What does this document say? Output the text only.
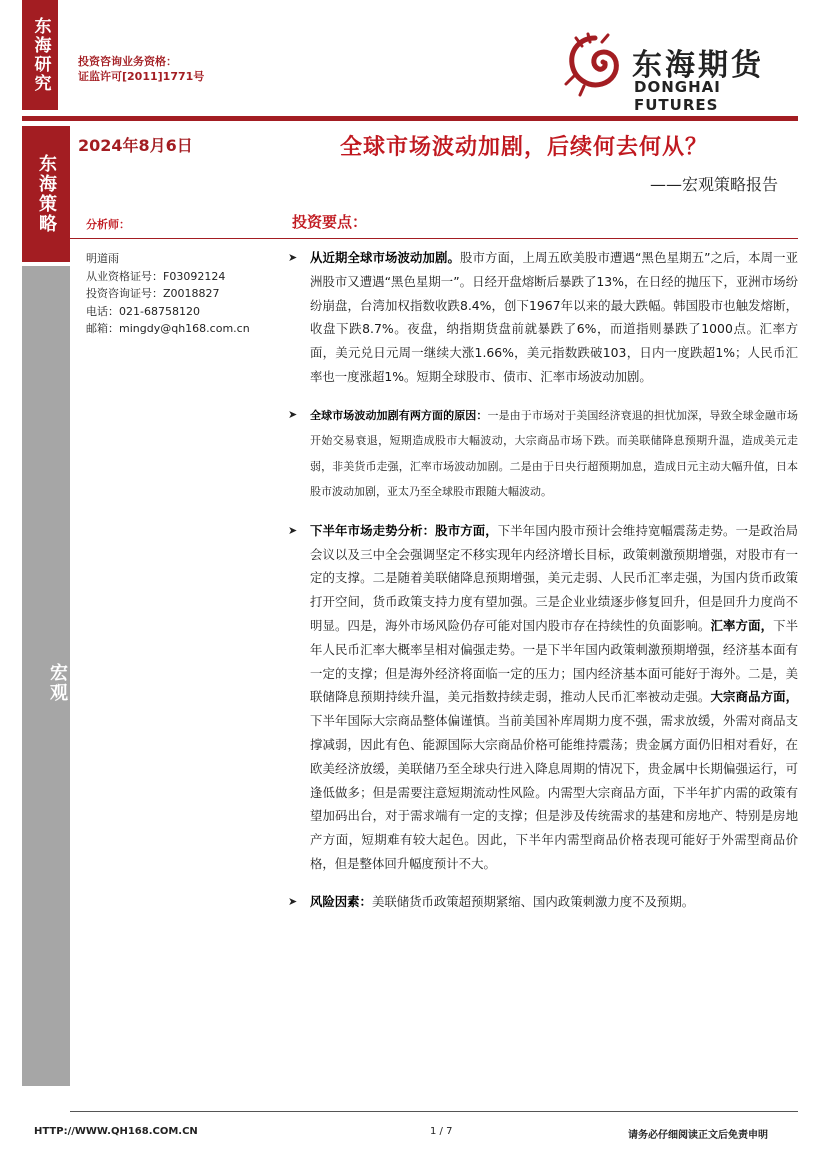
东海研究	投资咨询业务资格：
证监许可[2011]1771号	东海期货
DONGHAI FUTURES
东海策略
宏观
2024年8月6日	全球市场波动加剧，后续何去何从？
——宏观策略报告
分析师：
明道雨
从业资格证号：F03092124
投资咨询证号：Z0018827
电话：021-68758120
邮箱：mingdy@qh168.com.cn
投资要点：
➤	从近期全球市场波动加剧。股市方面，上周五欧美股市遭遇“黑色星期五”之后，本周一亚洲股市又遭遇“黑色星期一”。日经开盘熔断后暴跌了13%，在日经的抛压下，亚洲市场纷纷崩盘，台湾加权指数收跌8.4%，创下1967年以来的最大跌幅。韩国股市也触发熔断，收盘下跌8.7%。夜盘，纳指期货盘前就暴跌了6%，而道指则暴跌了1000点。汇率方面，美元兑日元周一继续大涨1.66%，美元指数跌破103，日内一度跌超1%；人民币汇率也一度涨超1%。短期全球股市、债市、汇率市场波动加剧。
➤	全球市场波动加剧有两方面的原因：一是由于市场对于美国经济衰退的担忧加深，导致全球金融市场开始交易衰退，短期造成股市大幅波动，大宗商品市场下跌。而美联储降息预期升温，造成美元走弱，非美货币走强，汇率市场波动加剧。二是由于日央行超预期加息，造成日元主动大幅升值，日本股市波动加剧，亚太乃至全球股市跟随大幅波动。
➤	下半年市场走势分析：股市方面，下半年国内股市预计会维持宽幅震荡走势。一是政治局会议以及三中全会强调坚定不移实现年内经济增长目标，政策刺激预期增强，对股市有一定的支撑。二是随着美联储降息预期增强，美元走弱、人民币汇率走强，为国内货币政策打开空间，货币政策支持力度有望加强。三是企业业绩逐步修复回升，但是回升力度尚不明显。四是，海外市场风险仍存可能对国内股市存在持续性的负面影响。汇率方面，下半年人民币汇率大概率呈相对偏强走势。一是下半年国内政策刺激预期增强，经济基本面有一定的支撑；但是海外经济将面临一定的压力；国内经济基本面可能好于海外。二是，美联储降息预期持续升温，美元指数持续走弱，推动人民币汇率被动走强。大宗商品方面，下半年国际大宗商品整体偏谨慎。当前美国补库周期力度不强，需求放缓，外需对商品支撑减弱，因此有色、能源国际大宗商品价格可能维持震荡；贵金属方面仍旧相对看好，在欧美经济放缓，美联储乃至全球央行进入降息周期的情况下，贵金属中长期偏强运行，可逢低做多；但是需要注意短期流动性风险。内需型大宗商品方面，下半年扩内需的政策有望加码出台，对于需求端有一定的支撑；但是涉及传统需求的基建和房地产、特别是房地产方面，短期难有较大起色。因此，下半年内需型商品价格表现可能好于外需型商品价格，但是整体回升幅度预计不大。
➤	风险因素：美联储货币政策超预期紧缩、国内政策刺激力度不及预期。
HTTP://WWW.QH168.COM.CN	1 / 7	请务必仔细阅读正文后免责申明
